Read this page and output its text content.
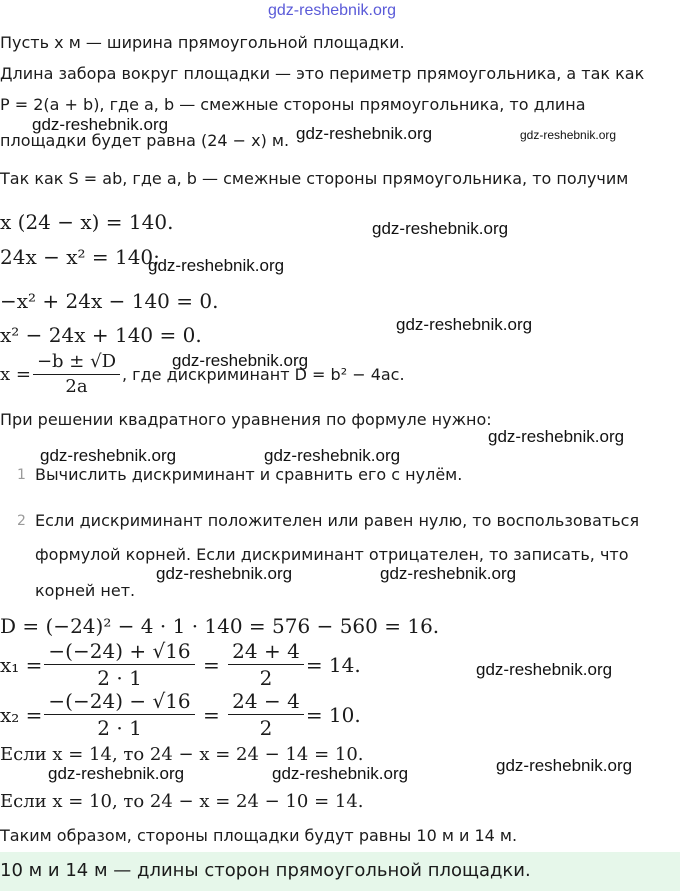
gdz-reshebnik.org
Пусть x м — ширина прямоугольной площадки.
Длина забора вокруг площадки — это периметр прямоугольника, а так как
P = 2(a + b), где a, b — смежные стороны прямоугольника, то длина
площадки будет равна (24 − x) м.
Так как S = ab, где a, b — смежные стороны прямоугольника, то получим
x (24 − x) = 140.
24x − x² = 140;
−x² + 24x − 140 = 0.
x² − 24x + 140 = 0.
$x = \frac{-b \pm √D}{2a}$ , где дискриминант D = b² − 4ac.
При решении квадратного уравнения по формуле нужно:
1 Вычислить дискриминант и сравнить его с нулём.
2 Если дискриминант положителен или равен нулю, то воспользоваться
формулой корней. Если дискриминант отрицателен, то записать, что
корней нет.
D = (−24)² − 4 · 1 · 140 = 576 − 560 = 16.
$x_1 = \frac{-(-24) + √16}{2 \cdot 1} = \frac{24 + 4}{2} = 14$.
$x_2 = \frac{-(-24) - √16}{2 \cdot 1} = \frac{24 - 4}{2} = 10$.
Если x = 14, то 24 − x = 24 − 14 = 10.
Если x = 10, то 24 − x = 24 − 10 = 14.
Таким образом, стороны площадки будут равны 10 м и 14 м.
10 м и 14 м — длины сторон прямоугольной площадки.
gdz-reshebnik.org	gdz-reshebnik.org	gdz-reshebnik.org
gdz-reshebnik.org
gdz-reshebnik.org
gdz-reshebnik.org
gdz-reshebnik.org
gdz-reshebnik.org
gdz-reshebnik.org	gdz-reshebnik.org
gdz-reshebnik.org	gdz-reshebnik.org
gdz-reshebnik.org
gdz-reshebnik.org	gdz-reshebnik.org	gdz-reshebnik.org
